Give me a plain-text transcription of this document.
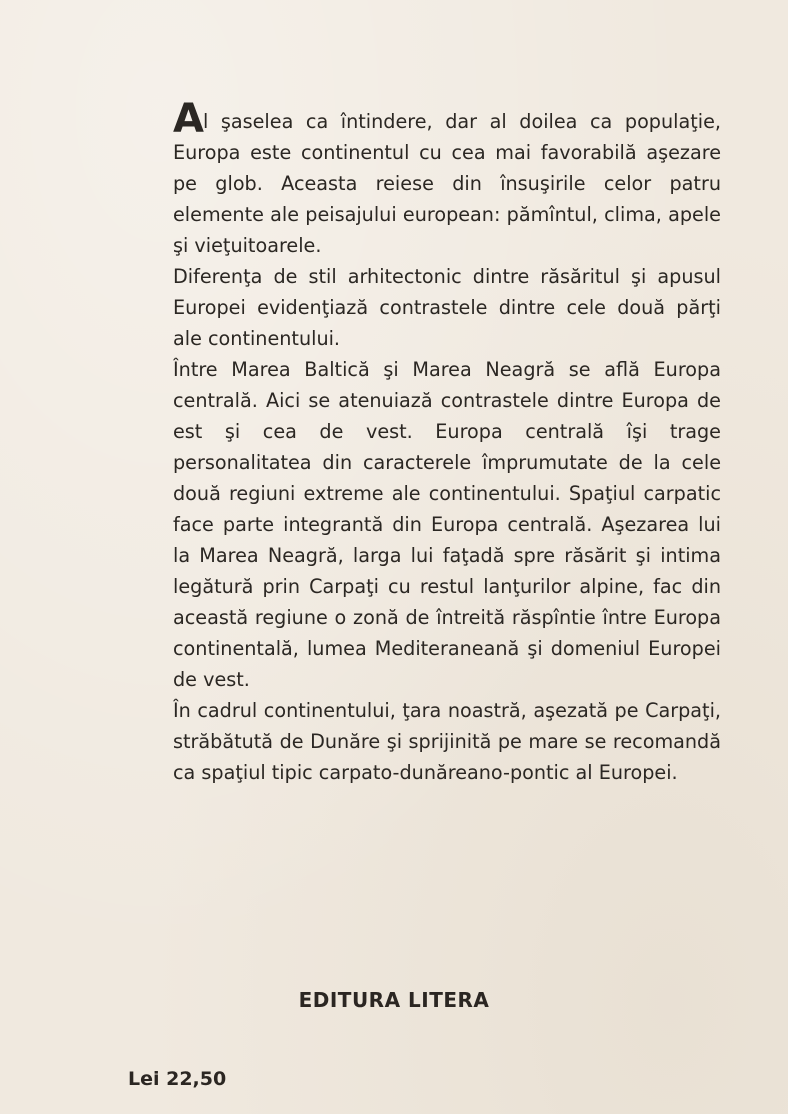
Al şaselea ca întindere, dar al doilea ca populaţie, Europa este continentul cu cea mai favorabilă aşezare pe glob. Aceasta reiese din însuşirile celor patru elemente ale peisajului european: pămîntul, clima, apele şi vieţuitoarele.

Diferenţa de stil arhitectonic dintre răsăritul şi apusul Europei evidenţiază contrastele dintre cele două părţi ale continentului.

Între Marea Baltică şi Marea Neagră se află Europa centrală. Aici se atenuiază contrastele dintre Europa de est şi cea de vest. Europa centrală îşi trage personalitatea din caracterele împrumutate de la cele două regiuni extreme ale continentului. Spaţiul carpatic face parte integrantă din Europa centrală. Aşezarea lui la Marea Neagră, larga lui faţadă spre răsărit şi intima legătură prin Carpaţi cu restul lanţurilor alpine, fac din această regiune o zonă de întreită răspîntie între Europa continentală, lumea Mediteraneană şi domeniul Europei de vest.

În cadrul continentului, ţara noastră, aşezată pe Carpaţi, străbătută de Dunăre şi sprijinită pe mare se recomandă ca spaţiul tipic carpato-dunăreano-pontic al Europei.

EDITURA LITERA
Lei 22,50
